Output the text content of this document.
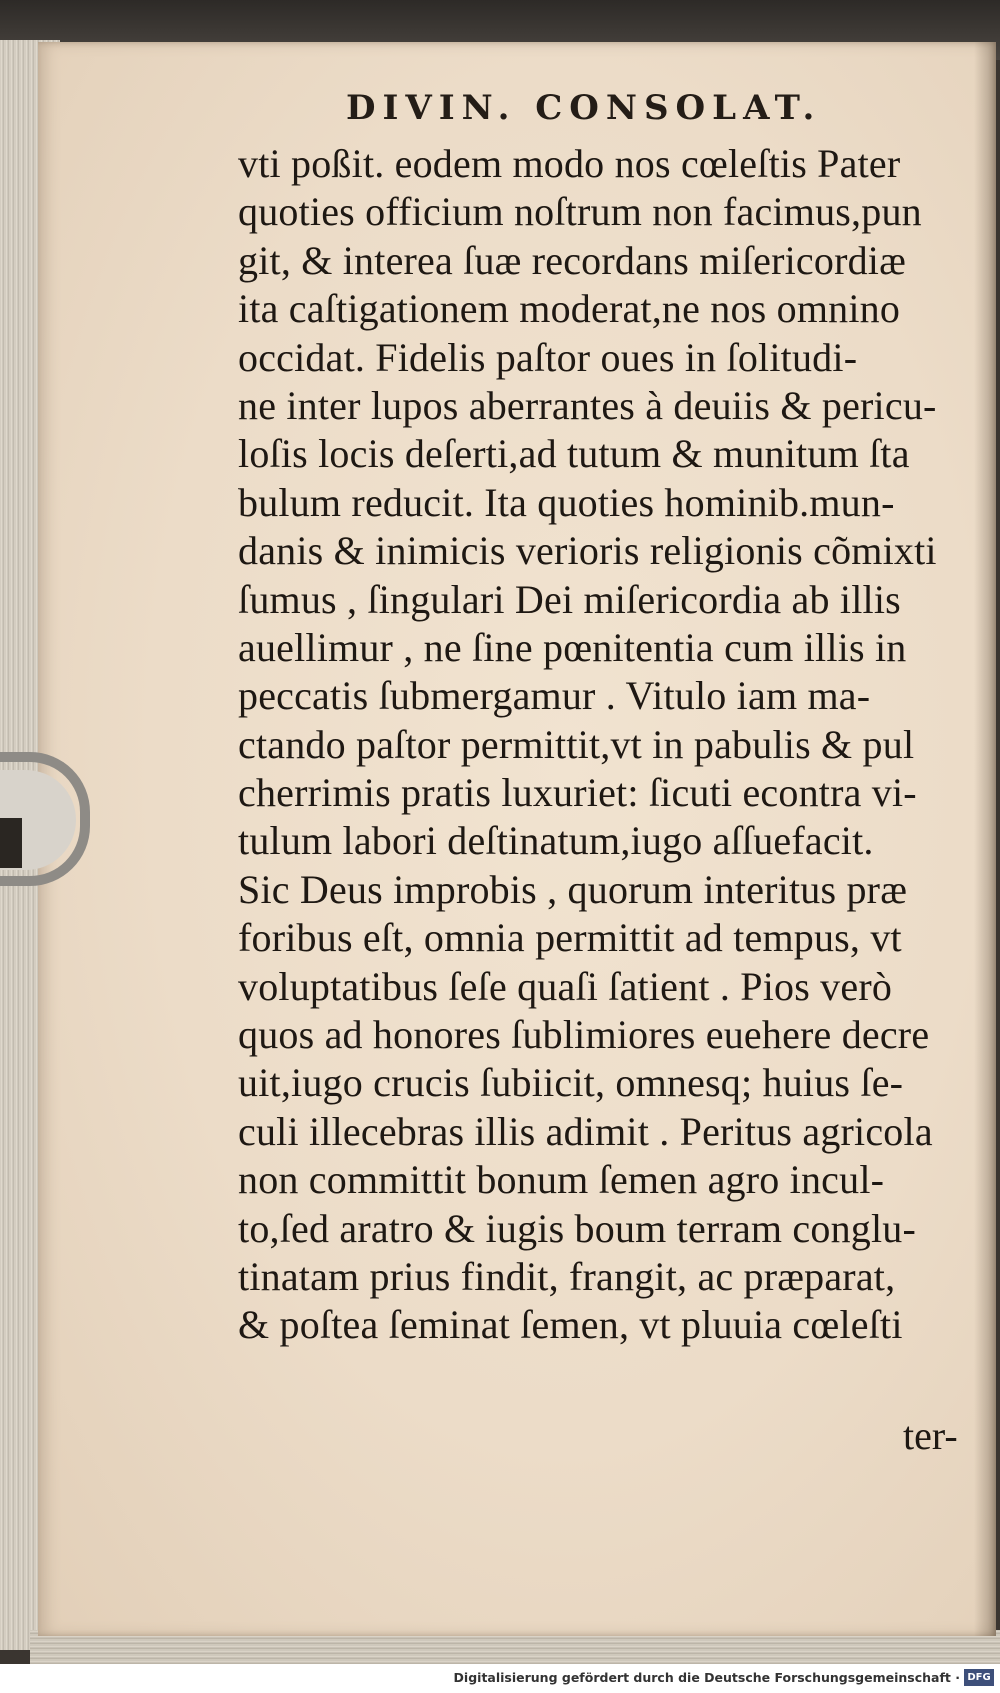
DIVIN. CONSOLAT.
vti poßit. eodem modo nos cœleſtis Pater
quoties officium noſtrum non facimus,pun
git, & interea ſuæ recordans miſericordiæ
ita caſtigationem moderat,ne nos omnino
occidat. Fidelis paſtor oues in ſolitudi-
ne inter lupos aberrantes à deuiis & pericu-
loſis locis deſerti,ad tutum & munitum ſta
bulum reducit. Ita quoties hominib.mun-
danis & inimicis verioris religionis cõmixti
ſumus , ſingulari Dei miſericordia ab illis
auellimur , ne ſine pœnitentia cum illis in
peccatis ſubmergamur . Vitulo iam ma-
ctando paſtor permittit,vt in pabulis & pul
cherrimis pratis luxuriet: ſicuti econtra vi-
tulum labori deſtinatum,iugo aſſuefacit.
Sic Deus improbis , quorum interitus præ
foribus eſt, omnia permittit ad tempus, vt
voluptatibus ſeſe quaſi ſatient . Pios verò
quos ad honores ſublimiores euehere decre
uit,iugo crucis ſubiicit, omnesq; huius ſe-
culi illecebras illis adimit . Peritus agricola
non committit bonum ſemen agro incul-
to,ſed aratro & iugis boum terram conglu-
tinatam prius findit, frangit, ac præparat,
& poſtea ſeminat ſemen, vt pluuia cœleſti
ter-
Digitalisierung gefördert durch die Deutsche Forschungsgemeinschaft · DFG
